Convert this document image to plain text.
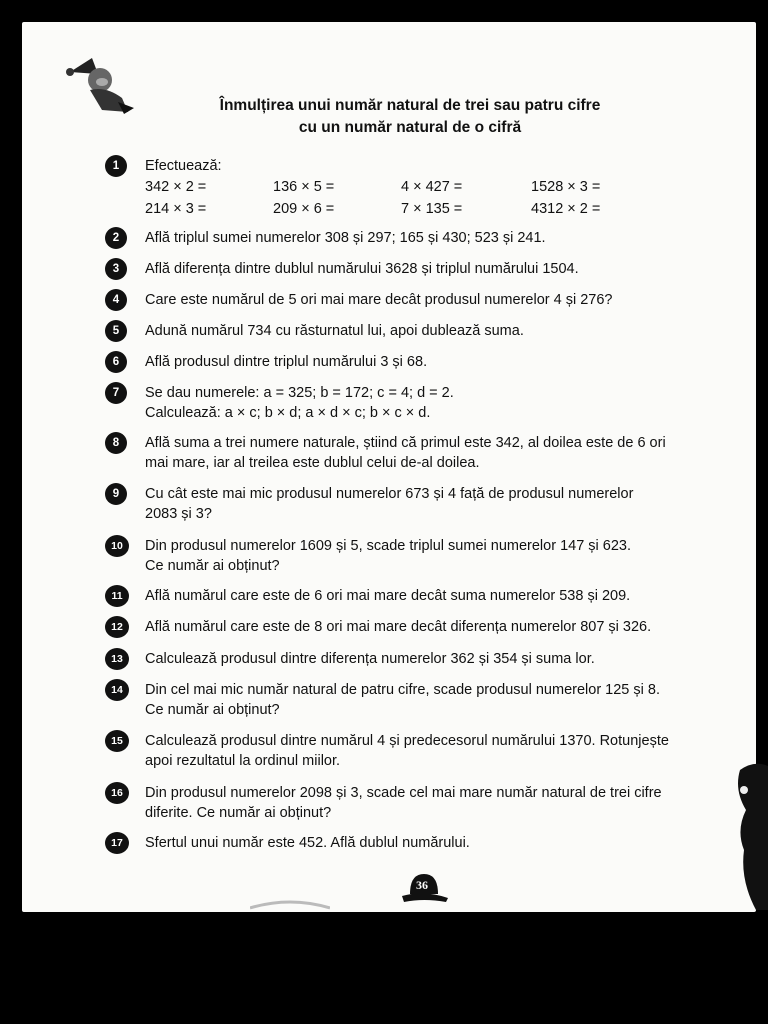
Înmulțirea unui număr natural de trei sau patru cifre
cu un număr natural de o cifră
1	Efectuează:
342 × 2 =	136 × 5 =	4 × 427 =	1528 × 3 =
214 × 3 =	209 × 6 =	7 × 135 =	4312 × 2 =
2	Află triplul sumei numerelor 308 și 297; 165 și 430; 523 și 241.
3	Află diferența dintre dublul numărului 3628 și triplul numărului 1504.
4	Care este numărul de 5 ori mai mare decât produsul numerelor 4 și 276?
5	Adună numărul 734 cu răsturnatul lui, apoi dublează suma.
6	Află produsul dintre triplul numărului 3 și 68.
7	Se dau numerele: a = 325; b = 172; c = 4; d = 2.
Calculează: a × c; b × d; a × d × c; b × c × d.
8	Află suma a trei numere naturale, știind că primul este 342, al doilea este de 6 ori
mai mare, iar al treilea este dublul celui de-al doilea.
9	Cu cât este mai mic produsul numerelor 673 și 4 față de produsul numerelor
2083 și 3?
10	Din produsul numerelor 1609 și 5, scade triplul sumei numerelor 147 și 623.
Ce număr ai obținut?
11	Află numărul care este de 6 ori mai mare decât suma numerelor 538 și 209.
12	Află numărul care este de 8 ori mai mare decât diferența numerelor 807 și 326.
13	Calculează produsul dintre diferența numerelor 362 și 354 și suma lor.
14	Din cel mai mic număr natural de patru cifre, scade produsul numerelor 125 și 8.
Ce număr ai obținut?
15	Calculează produsul dintre numărul 4 și predecesorul numărului 1370. Rotunjește
apoi rezultatul la ordinul miilor.
16	Din produsul numerelor 2098 și 3, scade cel mai mare număr natural de trei cifre
diferite. Ce număr ai obținut?
17	Sfertul unui număr este 452. Află dublul numărului.
36
